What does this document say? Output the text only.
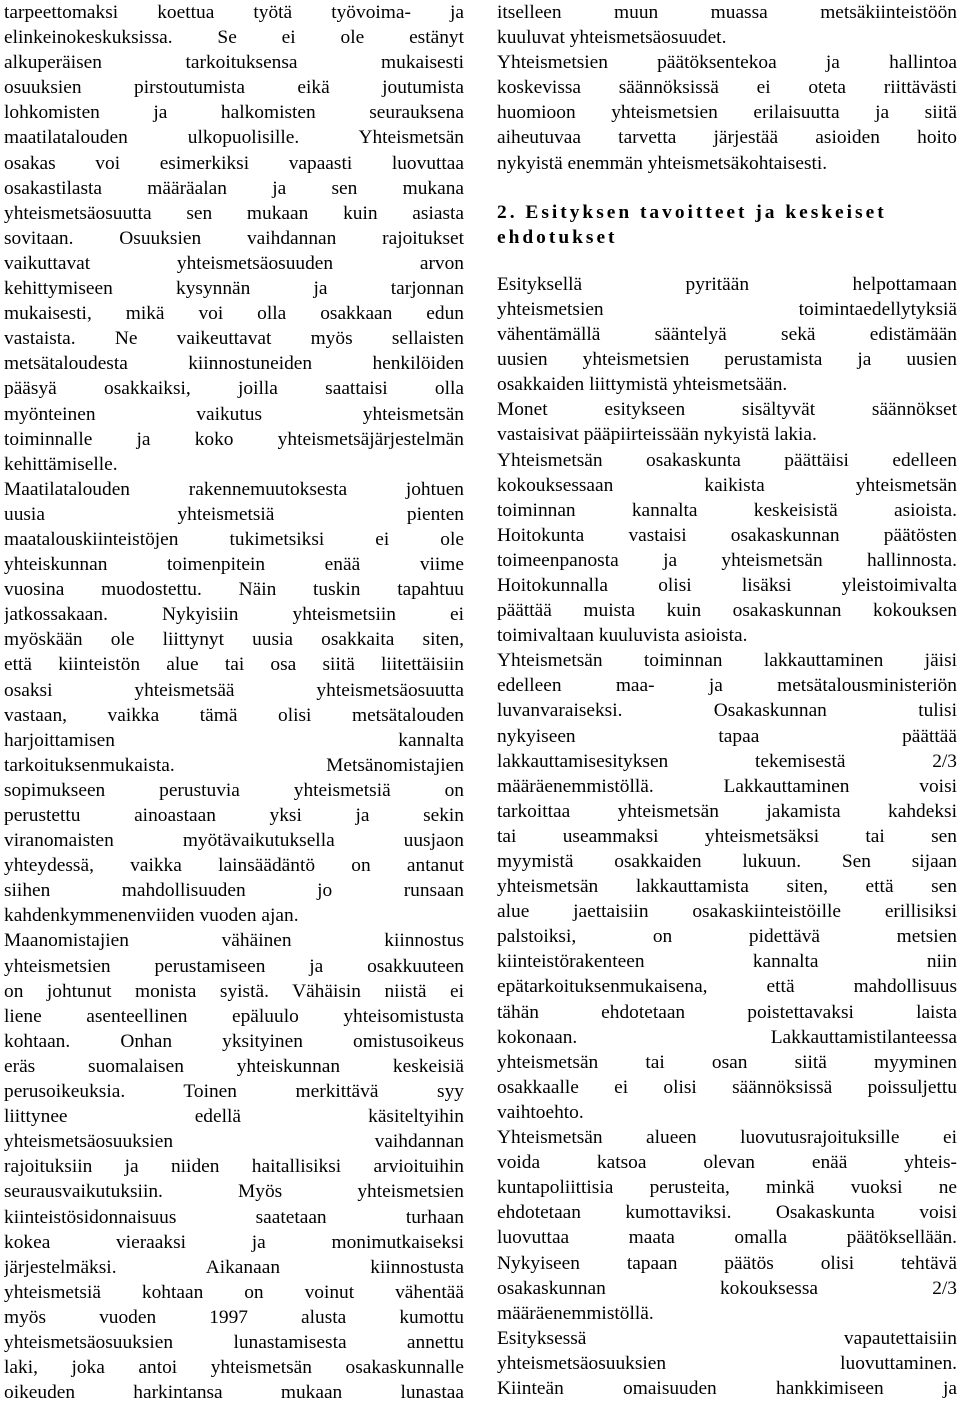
tarpeettomaksi koettua työtä työvoima- ja
elinkeinokeskuksissa. Se ei ole estänyt
alkuperäisen tarkoituksensa mukaisesti
osuuksien pirstoutumista eikä joutumista
lohkomisten ja halkomisten seurauksena
maatilatalouden ulkopuolisille. Yhteismetsän
osakas voi esimerkiksi vapaasti luovuttaa
osakastilasta määräalan ja sen mukana
yhteismetsäosuutta sen mukaan kuin asiasta
sovitaan. Osuuksien vaihdannan rajoitukset
vaikuttavat yhteismetsäosuuden arvon
kehittymiseen kysynnän ja tarjonnan
mukaisesti, mikä voi olla osakkaan edun
vastaista. Ne vaikeuttavat myös sellaisten
metsätaloudesta kiinnostuneiden henkilöiden
pääsyä osakkaiksi, joilla saattaisi olla
myönteinen vaikutus yhteismetsän
toiminnalle ja koko yhteismetsäjärjestelmän
kehittämiselle.
Maatilatalouden rakennemuutoksesta johtuen
uusia yhteismetsiä pienten
maatalouskiinteistöjen tukimetsiksi ei ole
yhteiskunnan toimenpitein enää viime
vuosina muodostettu. Näin tuskin tapahtuu
jatkossakaan. Nykyisiin yhteismetsiin ei
myöskään ole liittynyt uusia osakkaita siten,
että kiinteistön alue tai osa siitä liitettäisiin
osaksi yhteismetsää yhteismetsäosuutta
vastaan, vaikka tämä olisi metsätalouden
harjoittamisen kannalta
tarkoituksenmukaista. Metsänomistajien
sopimukseen perustuvia yhteismetsiä on
perustettu ainoastaan yksi ja sekin
viranomaisten myötävaikutuksella uusjaon
yhteydessä, vaikka lainsäädäntö on antanut
siihen mahdollisuuden jo runsaan
kahdenkymmenenviiden vuoden ajan.
Maanomistajien vähäinen kiinnostus
yhteismetsien perustamiseen ja osakkuuteen
on johtunut monista syistä. Vähäisin niistä ei
liene asenteellinen epäluulo yhteisomistusta
kohtaan. Onhan yksityinen omistusoikeus
eräs suomalaisen yhteiskunnan keskeisiä
perusoikeuksia. Toinen merkittävä syy
liittynee edellä käsiteltyihin
yhteismetsäosuuksien vaihdannan
rajoituksiin ja niiden haitallisiksi arvioituihin
seurausvaikutuksiin. Myös yhteismetsien
kiinteistösidonnaisuus saatetaan turhaan
kokea vieraaksi ja monimutkaiseksi
järjestelmäksi. Aikanaan kiinnostusta
yhteismetsiä kohtaan on voinut vähentää
myös vuoden 1997 alusta kumottu
yhteismetsäosuuksien lunastamisesta annettu
laki, joka antoi yhteismetsän osakaskunnalle
oikeuden harkintansa mukaan lunastaa
itselleen muun muassa metsäkiinteistöön
kuuluvat yhteismetsäosuudet.
Yhteismetsien päätöksentekoa ja hallintoa
koskevissa säännöksissä ei oteta riittävästi
huomioon yhteismetsien erilaisuutta ja siitä
aiheutuvaa tarvetta järjestää asioiden hoito
nykyistä enemmän yhteismetsäkohtaisesti.
2. Esityksen tavoitteet ja keskeiset
ehdotukset
Esityksellä pyritään helpottamaan
yhteismetsien toimintaedellytyksiä
vähentämällä sääntelyä sekä edistämään
uusien yhteismetsien perustamista ja uusien
osakkaiden liittymistä yhteismetsään.
Monet esitykseen sisältyvät säännökset
vastaisivat pääpiirteissään nykyistä lakia.
Yhteismetsän osakaskunta päättäisi edelleen
kokouksessaan kaikista yhteismetsän
toiminnan kannalta keskeisistä asioista.
Hoitokunta vastaisi osakaskunnan päätösten
toimeenpanosta ja yhteismetsän hallinnosta.
Hoitokunnalla olisi lisäksi yleistoimivalta
päättää muista kuin osakaskunnan kokouksen
toimivaltaan kuuluvista asioista.
Yhteismetsän toiminnan lakkauttaminen jäisi
edelleen maa- ja metsätalousministeriön
luvanvaraiseksi. Osakaskunnan tulisi
nykyiseen tapaa päättää
lakkauttamisesityksen tekemisestä 2/3
määräenemmistöllä. Lakkauttaminen voisi
tarkoittaa yhteismetsän jakamista kahdeksi
tai useammaksi yhteismetsäksi tai sen
myymistä osakkaiden lukuun. Sen sijaan
yhteismetsän lakkauttamista siten, että sen
alue jaettaisiin osakaskiinteistöille erillisiksi
palstoiksi, on pidettävä metsien
kiinteistörakenteen kannalta niin
epätarkoituksenmukaisena, että mahdollisuus
tähän ehdotetaan poistettavaksi laista
kokonaan. Lakkauttamistilanteessa
yhteismetsän tai osan siitä myyminen
osakkaalle ei olisi säännöksissä poissuljettu
vaihtoehto.
Yhteismetsän alueen luovutusrajoituksille ei
voida katsoa olevan enää yhteis-
kuntapoliittisia perusteita, minkä vuoksi ne
ehdotetaan kumottaviksi. Osakaskunta voisi
luovuttaa maata omalla päätöksellään.
Nykyiseen tapaan päätös olisi tehtävä
osakaskunnan kokouksessa 2/3
määräenemmistöllä.
Esityksessä vapautettaisiin
yhteismetsäosuuksien luovuttaminen.
Kiinteän omaisuuden hankkimiseen ja
